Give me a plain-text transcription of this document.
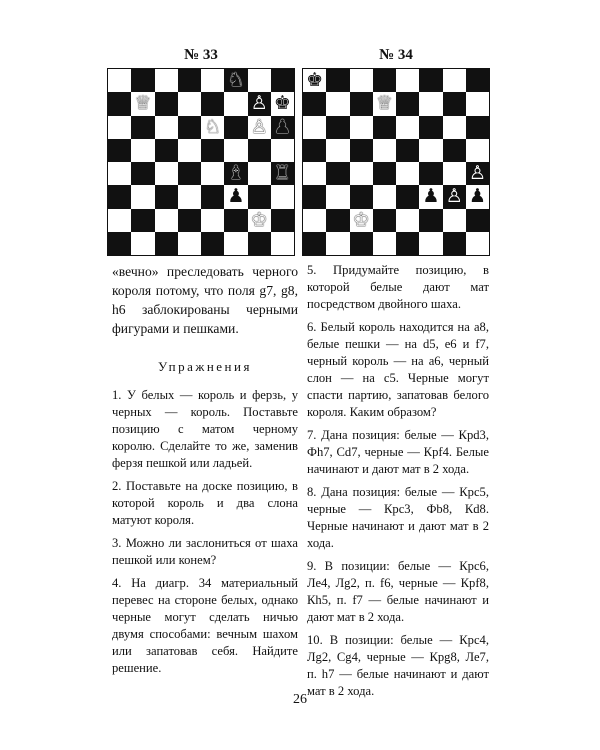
№ 33
♞
♕	♙ ♚
♘ ♙ ♟
♝ ♜
♟
♔
№ 34
♚
♕
♙
♟ ♙ ♟
♔

«вечно» преследовать черного короля потому, что поля g7, g8, h6 заблокированы черными фигурами и пешками.

Упражнения

1. У белых — король и ферзь, у черных — король. Поставьте позицию с матом черному королю. Сделайте то же, заменив ферзя пешкой или ладьей.

2. Поставьте на доске позицию, в которой король и два слона матуют короля.

3. Можно ли заслониться от шаха пешкой или конем?

4. На диагр. 34 материальный перевес на стороне белых, однако черные могут сделать ничью двумя способами: вечным шахом или запатовав себя. Найдите решение.

5. Придумайте позицию, в которой белые дают мат посредством двойного шаха.

6. Белый король находится на a8, белые пешки — на d5, e6 и f7, черный король — на a6, черный слон — на c5. Черные могут спасти партию, запатовав белого короля. Каким образом?

7. Дана позиция: белые — Крd3, Фh7, Сd7, черные — Крf4. Белые начинают и дают мат в 2 хода.

8. Дана позиция: белые — Крc5, черные — Крc3, Фb8, Кd8. Черные начинают и дают мат в 2 хода.

9. В позиции: белые — Крc6, Ле4, Лg2, п. f6, черные — Крf8, Кh5, п. f7 — белые начинают и дают мат в 2 хода.

10. В позиции: белые — Крc4, Лg2, Сg4, черные — Крg8, Ле7, п. h7 — белые начинают и дают мат в 2 хода.

26
